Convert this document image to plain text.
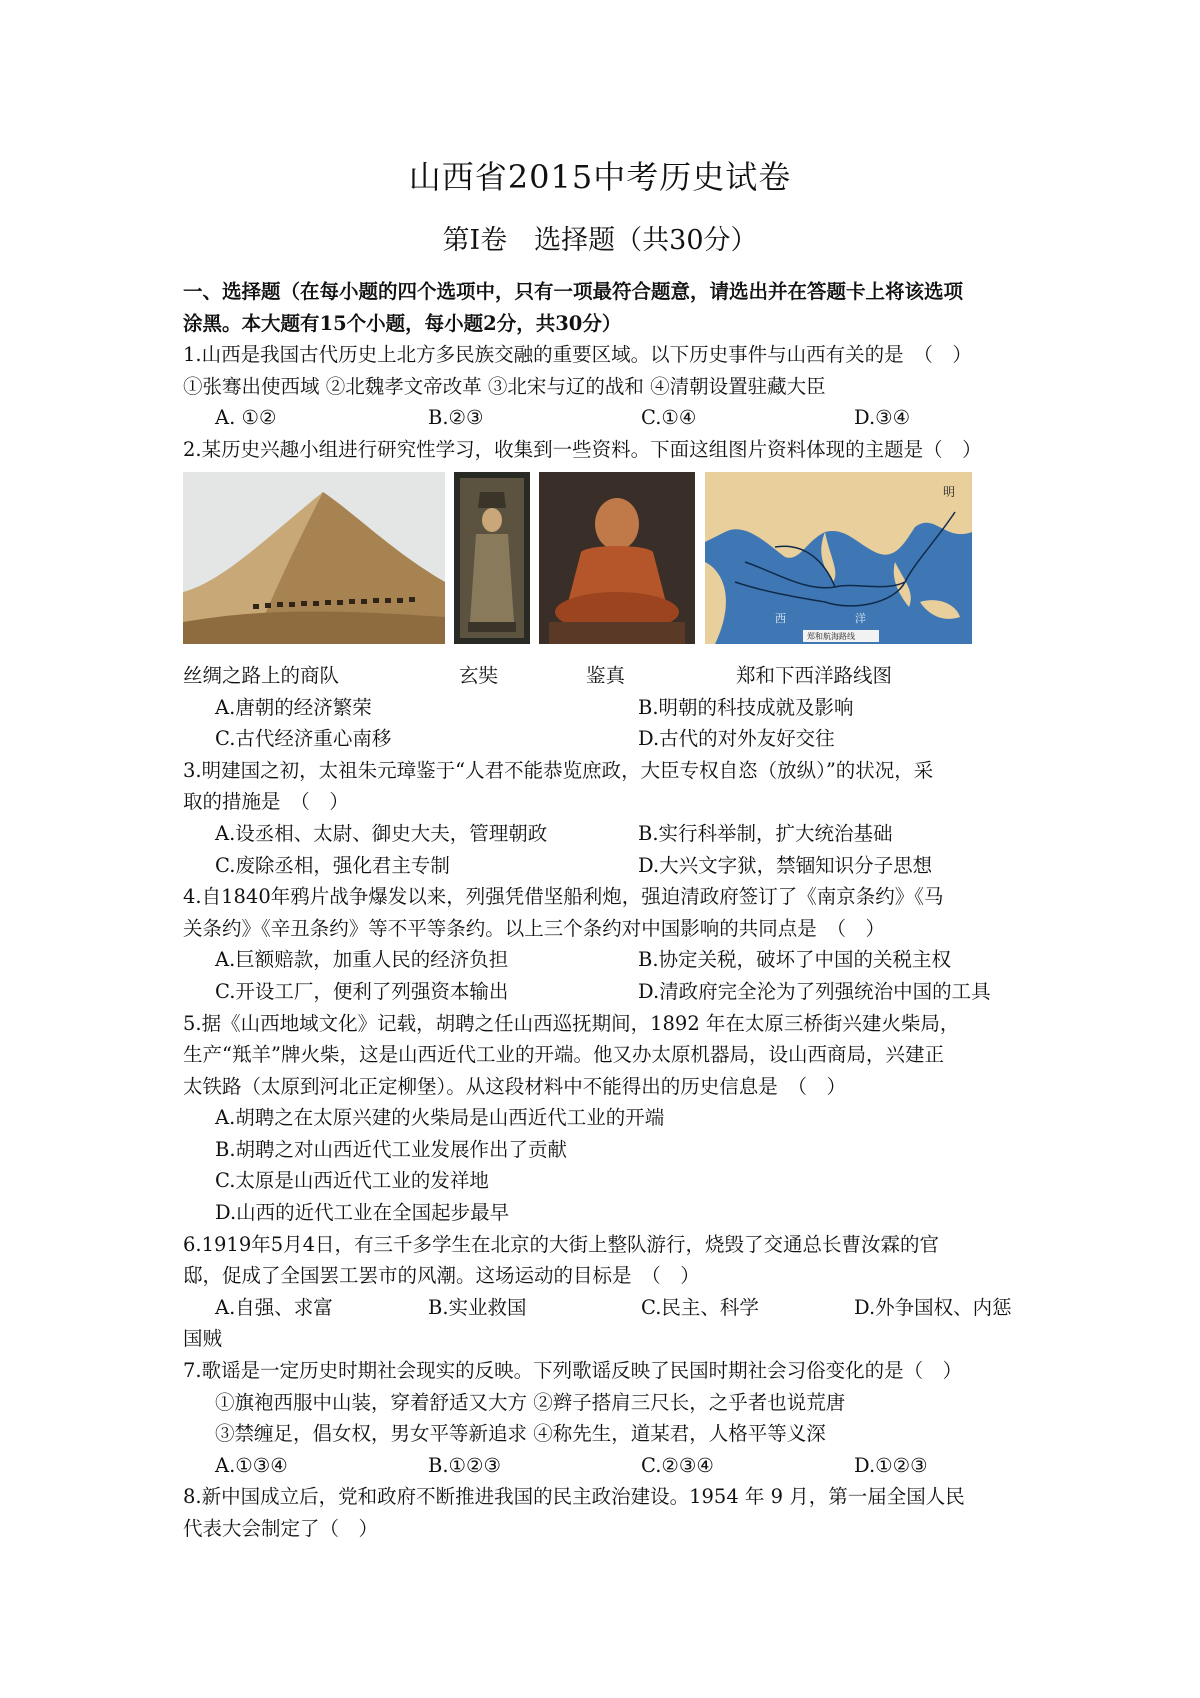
山西省2015中考历史试卷
第Ⅰ卷　选择题（共30分）

一、选择题（在每小题的四个选项中，只有一项最符合题意，请选出并在答题卡上将该选项

涂黑。本大题有15个小题，每小题2分，共30分）

1.山西是我国古代历史上北方多民族交融的重要区域。以下历史事件与山西有关的是　（　）

①张骞出使西域 ②北魏孝文帝改革 ③北宋与辽的战和 ④清朝设置驻藏大臣

A. ①②	B.②③	C.①④	D.③④

2.某历史兴趣小组进行研究性学习，收集到一些资料。下面这组图片资料体现的主题是（　）

明
西	洋
郑和航海路线
丝绸之路上的商队	玄奘	鉴真	郑和下西洋路线图
A.唐朝的经济繁荣	B.明朝的科技成就及影响
C.古代经济重心南移	D.古代的对外友好交往

3.明建国之初，太祖朱元璋鉴于“人君不能恭览庶政，大臣专权自恣（放纵）”的状况，采

取的措施是　（　）

A.设丞相、太尉、御史大夫，管理朝政	B.实行科举制，扩大统治基础
C.废除丞相，强化君主专制	D.大兴文字狱，禁锢知识分子思想

4.自1840年鸦片战争爆发以来，列强凭借坚船利炮，强迫清政府签订了《南京条约》《马

关条约》《辛丑条约》等不平等条约。以上三个条约对中国影响的共同点是　（　）

A.巨额赔款，加重人民的经济负担	B.协定关税，破坏了中国的关税主权
C.开设工厂，便利了列强资本输出	D.清政府完全沦为了列强统治中国的工具

5.据《山西地域文化》记载，胡聘之任山西巡抚期间，1892 年在太原三桥街兴建火柴局，

生产“羝羊”牌火柴，这是山西近代工业的开端。他又办太原机器局，设山西商局，兴建正

太铁路（太原到河北正定柳堡）。从这段材料中不能得出的历史信息是　（　）

A.胡聘之在太原兴建的火柴局是山西近代工业的开端

B.胡聘之对山西近代工业发展作出了贡献

C.太原是山西近代工业的发祥地

D.山西的近代工业在全国起步最早

6.1919年5月4日，有三千多学生在北京的大街上整队游行，烧毁了交通总长曹汝霖的官

邸，促成了全国罢工罢市的风潮。这场运动的目标是　（　）

A.自强、求富	B.实业救国	C.民主、科学	D.外争国权、内惩

国贼

7.歌谣是一定历史时期社会现实的反映。下列歌谣反映了民国时期社会习俗变化的是（　）

①旗袍西服中山装，穿着舒适又大方 ②辫子搭肩三尺长，之乎者也说荒唐

③禁缠足，倡女权，男女平等新追求 ④称先生，道某君，人格平等义深

A.①③④	B.①②③	C.②③④	D.①②③

8.新中国成立后，党和政府不断推进我国的民主政治建设。1954 年 9 月，第一届全国人民

代表大会制定了（　）
